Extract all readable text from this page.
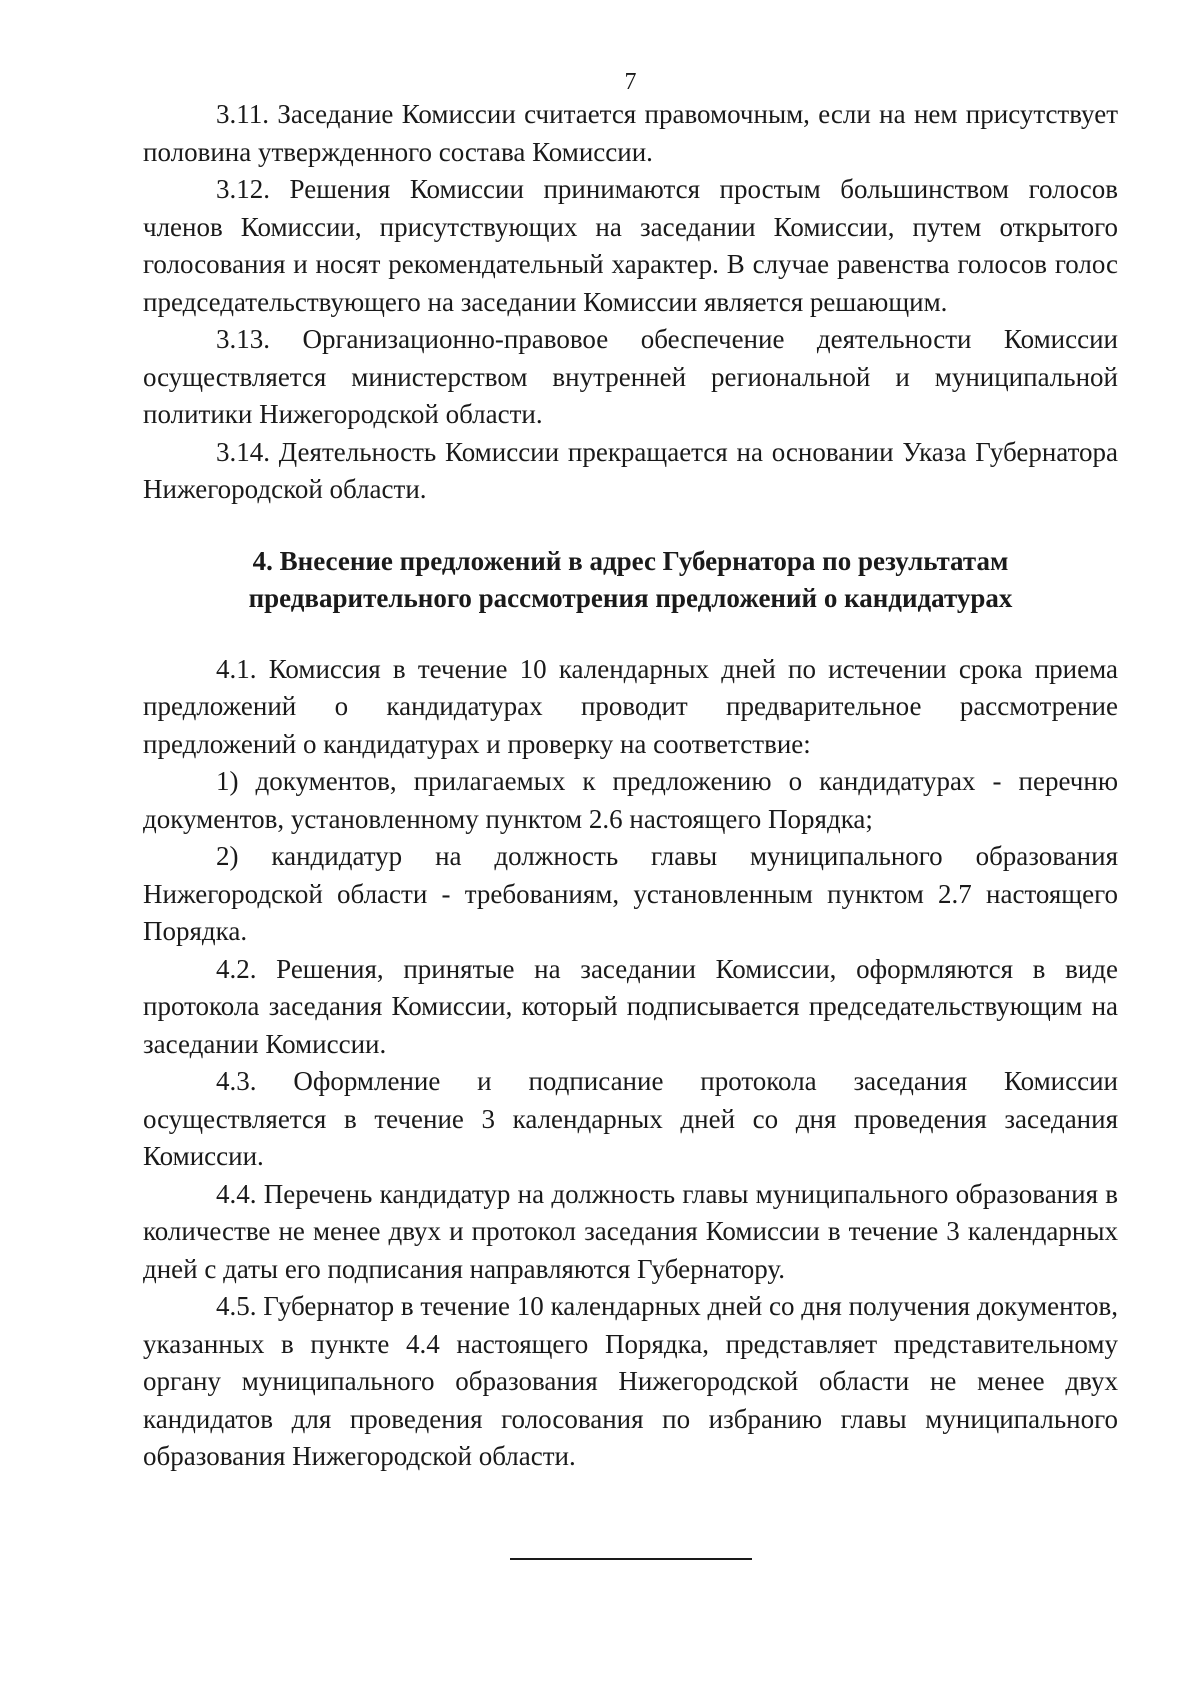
7

3.11. Заседание Комиссии считается правомочным, если на нем присутствует половина утвержденного состава Комиссии.

3.12. Решения Комиссии принимаются простым большинством голосов членов Комиссии, присутствующих на заседании Комиссии, путем открытого голосования и носят рекомендательный характер. В случае равенства голосов голос председательствующего на заседании Комиссии является решающим.

3.13. Организационно-правовое обеспечение деятельности Комиссии осуществляется министерством внутренней региональной и муниципальной политики Нижегородской области.

3.14. Деятельность Комиссии прекращается на основании Указа Губернатора Нижегородской области.

4. Внесение предложений в адрес Губернатора по результатам

предварительного рассмотрения предложений о кандидатурах

4.1. Комиссия в течение 10 календарных дней по истечении срока приема предложений о кандидатурах проводит предварительное рассмотрение предложений о кандидатурах и проверку на соответствие:

1) документов, прилагаемых к предложению о кандидатурах - перечню документов, установленному пунктом 2.6 настоящего Порядка;

2) кандидатур на должность главы муниципального образования Нижегородской области - требованиям, установленным пунктом 2.7 настоящего Порядка.

4.2. Решения, принятые на заседании Комиссии, оформляются в виде протокола заседания Комиссии, который подписывается председательствующим на заседании Комиссии.

4.3. Оформление и подписание протокола заседания Комиссии осуществляется в течение 3 календарных дней со дня проведения заседания Комиссии.

4.4. Перечень кандидатур на должность главы муниципального образования в количестве не менее двух и протокол заседания Комиссии в течение 3 календарных дней с даты его подписания направляются Губернатору.

4.5. Губернатор в течение 10 календарных дней со дня получения документов, указанных в пункте 4.4 настоящего Порядка, представляет представительному органу муниципального образования Нижегородской области не менее двух кандидатов для проведения голосования по избранию главы муниципального образования Нижегородской области.
